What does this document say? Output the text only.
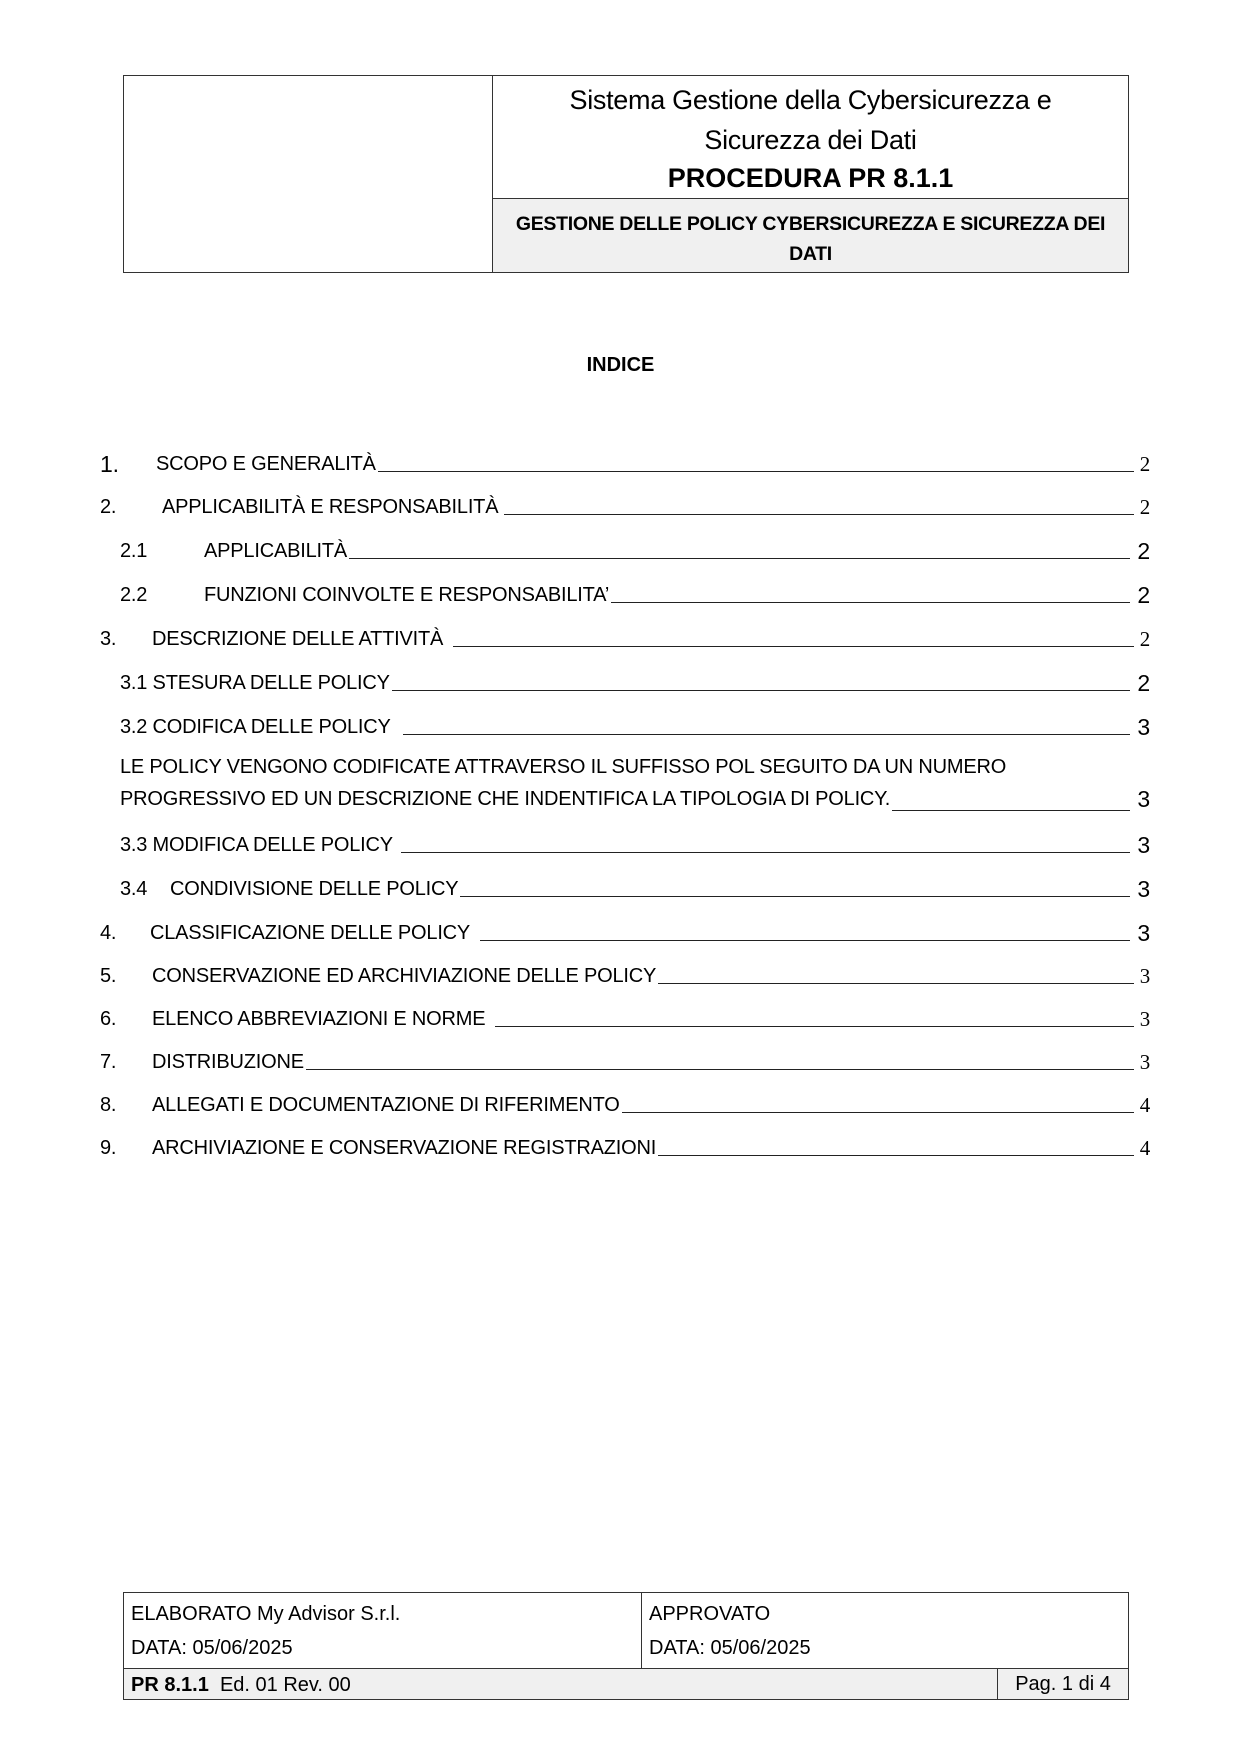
Sistema Gestione della Cybersicurezza e
Sicurezza dei Dati
PROCEDURA PR 8.1.1
GESTIONE DELLE POLICY CYBERSICUREZZA E SICUREZZA DEI DATI
INDICE
1.	SCOPO E GENERALITÀ	2
2.	APPLICABILITÀ E RESPONSABILITÀ	2
2.1	APPLICABILITÀ	2
2.2	FUNZIONI COINVOLTE E RESPONSABILITA’	2
3.	DESCRIZIONE DELLE ATTIVITÀ	2
3.1 STESURA DELLE POLICY	2
3.2 CODIFICA DELLE POLICY	3
LE POLICY VENGONO CODIFICATE ATTRAVERSO IL SUFFISSO POL SEGUITO DA UN NUMERO
PROGRESSIVO ED UN DESCRIZIONE CHE INDENTIFICA LA TIPOLOGIA DI POLICY.	3
3.3 MODIFICA DELLE POLICY	3
3.4	CONDIVISIONE DELLE POLICY	3
4.	CLASSIFICAZIONE DELLE POLICY	3
5.	CONSERVAZIONE ED ARCHIVIAZIONE DELLE POLICY	3
6.	ELENCO ABBREVIAZIONI E NORME	3
7.	DISTRIBUZIONE	3
8.	ALLEGATI E DOCUMENTAZIONE DI RIFERIMENTO	4
9.	ARCHIVIAZIONE E CONSERVAZIONE REGISTRAZIONI	4
ELABORATO My Advisor S.r.l.
DATA: 05/06/2025
APPROVATO
DATA: 05/06/2025
PR 8.1.1 Ed. 01 Rev. 00	Pag. 1 di 4
